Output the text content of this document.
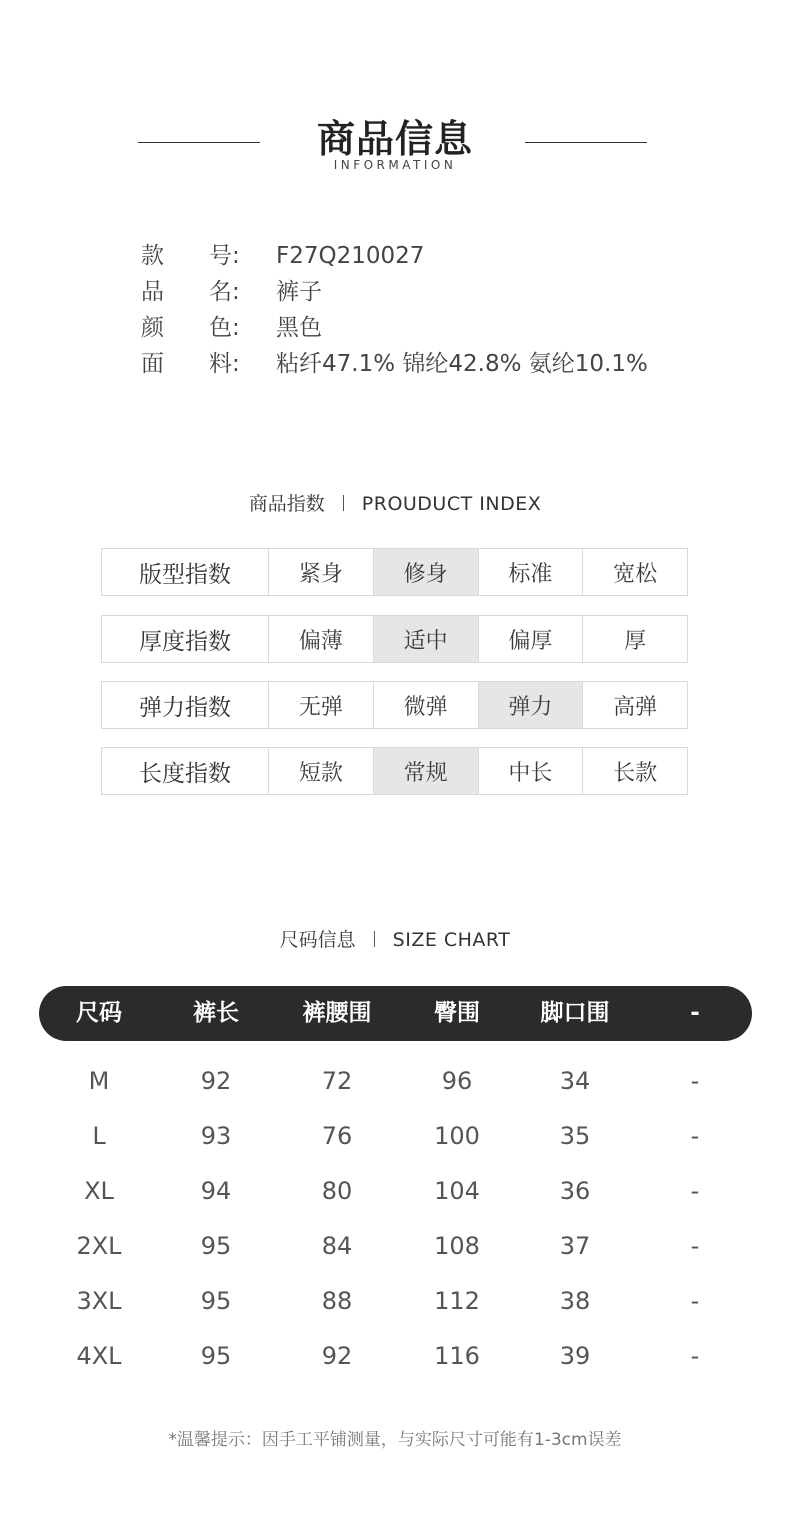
商品信息
INFORMATION
款 号: F27Q210027
品 名: 裤子
颜 色: 黑色
面 料: 粘纤47.1% 锦纶42.8% 氨纶10.1%
商品指数 PROUDUCT INDEX
版型指数	紧身	修身	标准	宽松
厚度指数	偏薄	适中	偏厚	厚
弹力指数	无弹	微弹	弹力	高弹
长度指数	短款	常规	中长	长款
尺码信息 SIZE CHART
尺码	裤长	裤腰围	臀围	脚口围	-
M	92	72	96	34	-
L	93	76	100	35	-
XL	94	80	104	36	-
2XL	95	84	108	37	-
3XL	95	88	112	38	-
4XL	95	92	116	39	-
*温馨提示：因手工平铺测量，与实际尺寸可能有1-3cm误差
